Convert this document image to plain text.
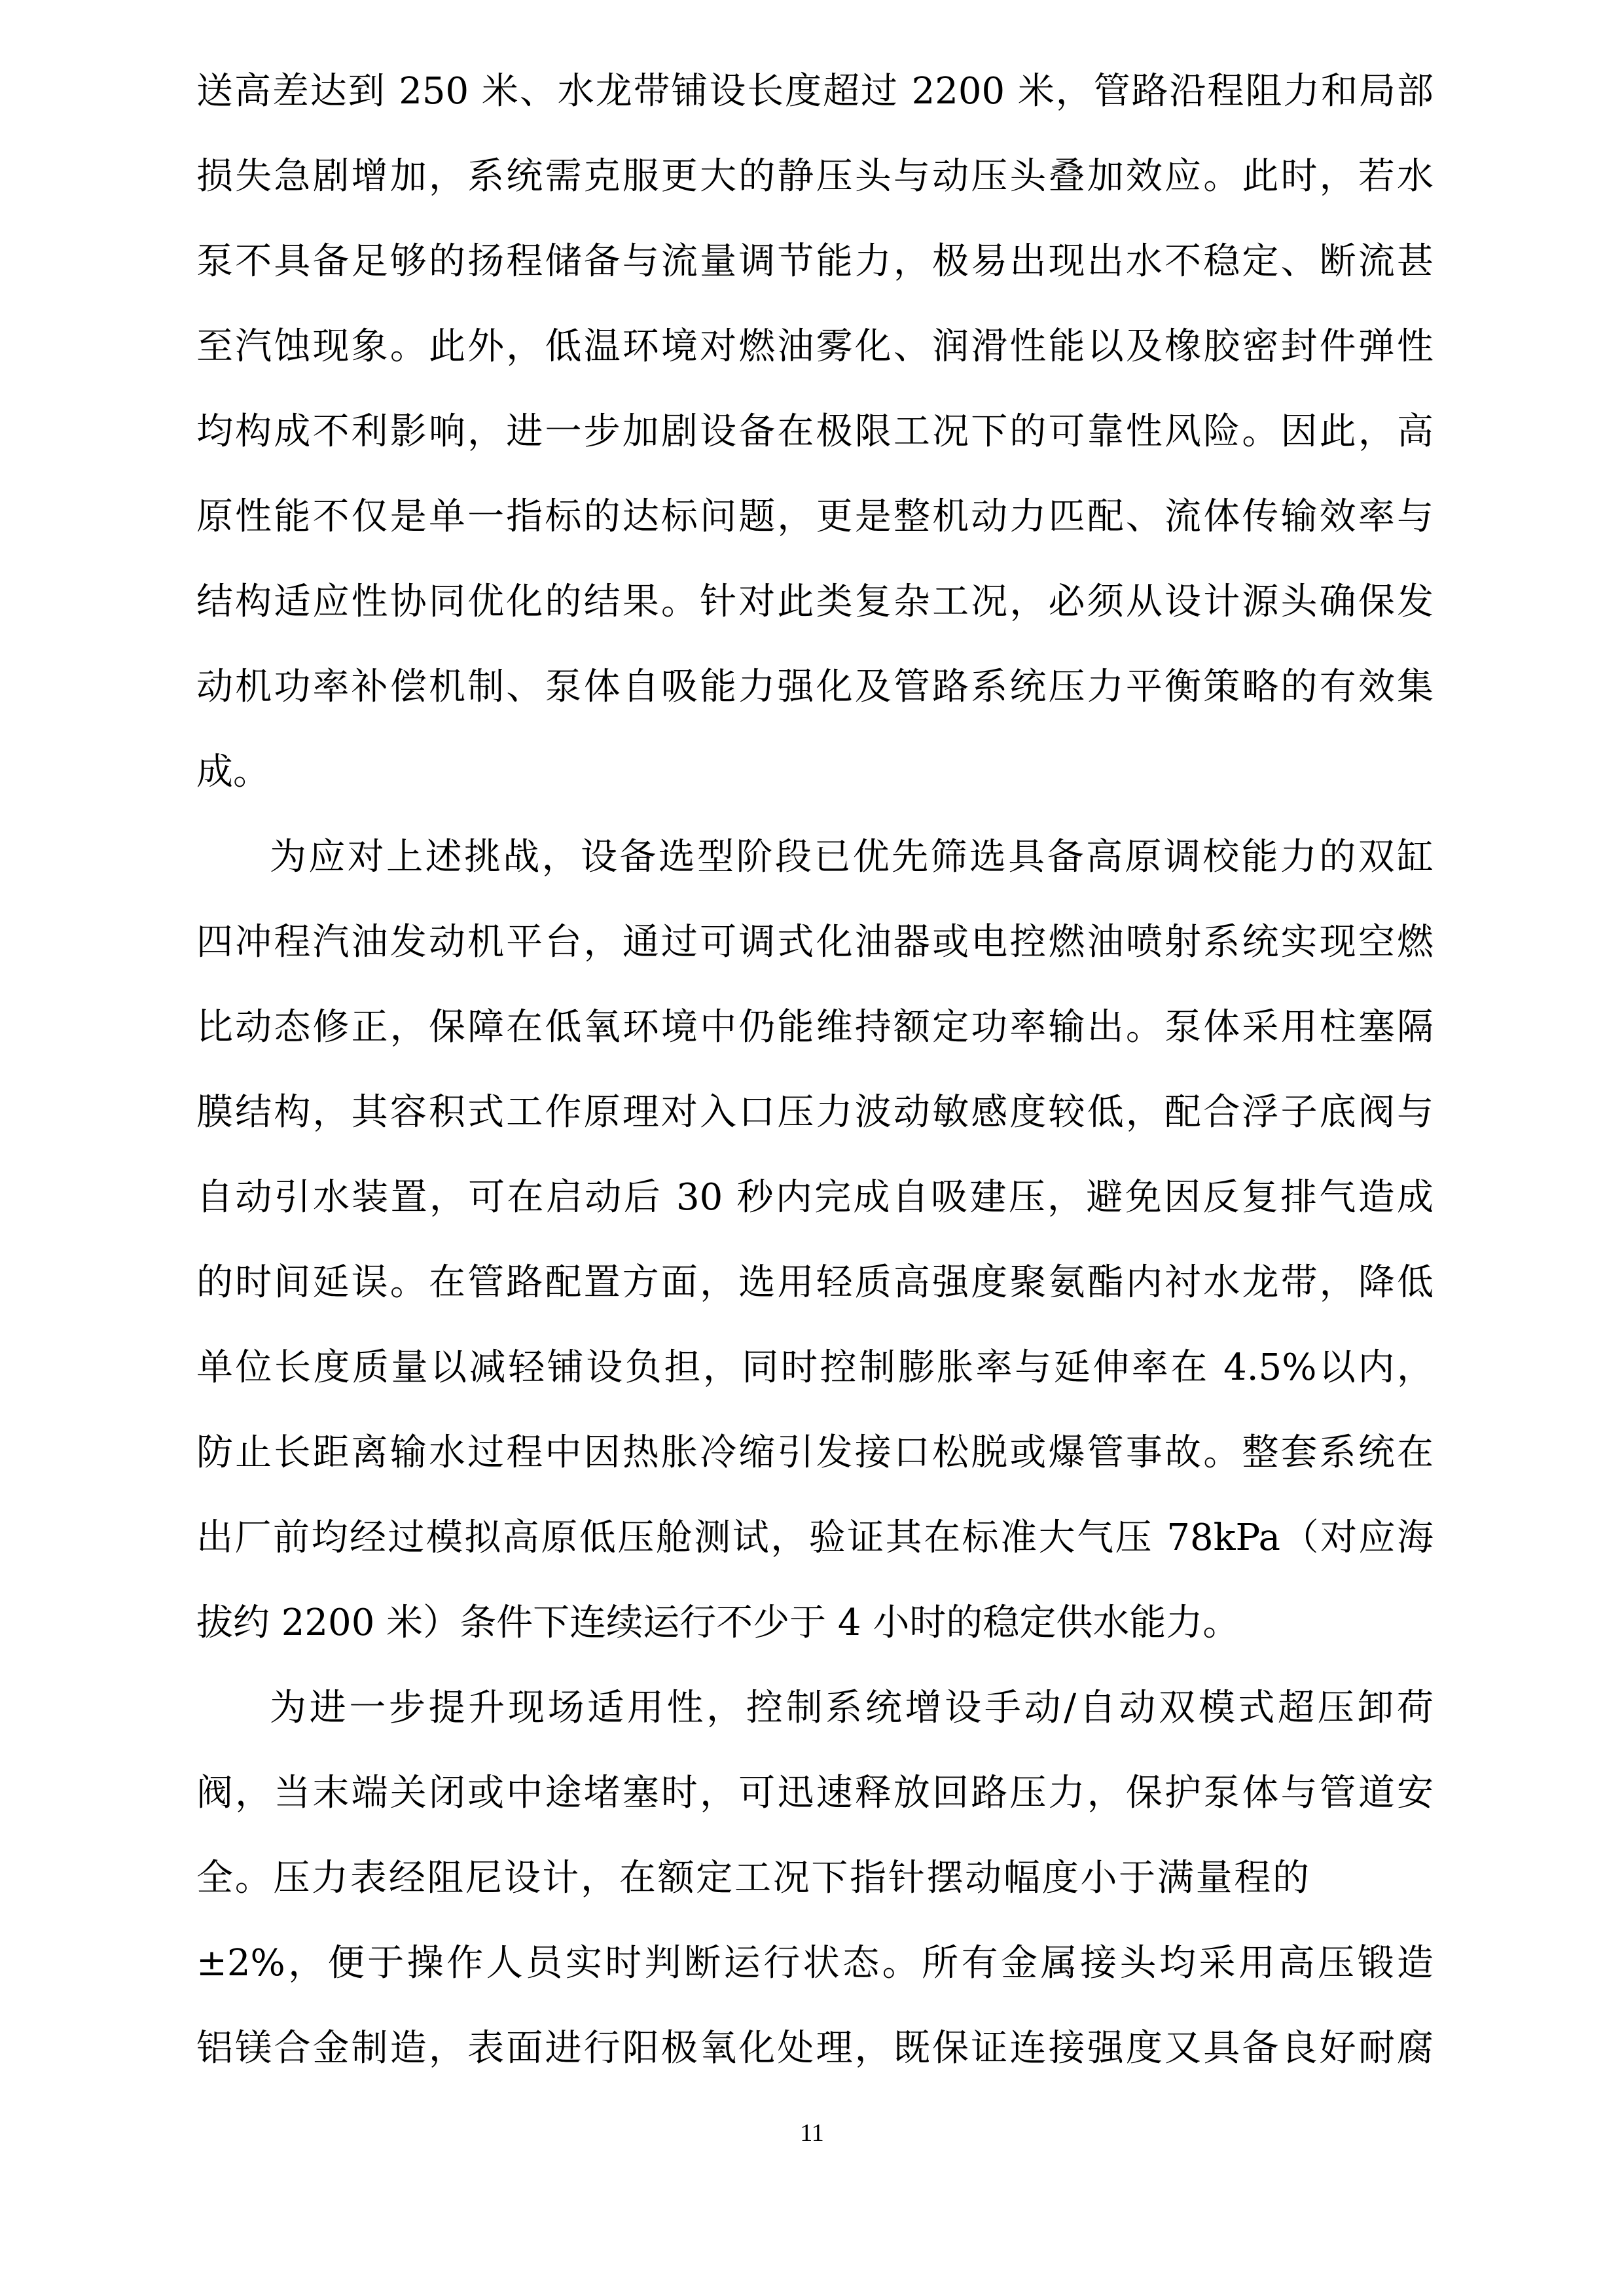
送高差达到 250 米、水龙带铺设长度超过 2200 米，管路沿程阻力和局部
损失急剧增加，系统需克服更大的静压头与动压头叠加效应。此时，若水
泵不具备足够的扬程储备与流量调节能力，极易出现出水不稳定、断流甚
至汽蚀现象。此外，低温环境对燃油雾化、润滑性能以及橡胶密封件弹性
均构成不利影响，进一步加剧设备在极限工况下的可靠性风险。因此，高
原性能不仅是单一指标的达标问题，更是整机动力匹配、流体传输效率与
结构适应性协同优化的结果。针对此类复杂工况，必须从设计源头确保发
动机功率补偿机制、泵体自吸能力强化及管路系统压力平衡策略的有效集
成。
为应对上述挑战，设备选型阶段已优先筛选具备高原调校能力的双缸
四冲程汽油发动机平台，通过可调式化油器或电控燃油喷射系统实现空燃
比动态修正，保障在低氧环境中仍能维持额定功率输出。泵体采用柱塞隔
膜结构，其容积式工作原理对入口压力波动敏感度较低，配合浮子底阀与
自动引水装置，可在启动后 30 秒内完成自吸建压，避免因反复排气造成
的时间延误。在管路配置方面，选用轻质高强度聚氨酯内衬水龙带，降低
单位长度质量以减轻铺设负担，同时控制膨胀率与延伸率在 4.5%以内，
防止长距离输水过程中因热胀冷缩引发接口松脱或爆管事故。整套系统在
出厂前均经过模拟高原低压舱测试，验证其在标准大气压 78kPa（对应海
拔约 2200 米）条件下连续运行不少于 4 小时的稳定供水能力。
为进一步提升现场适用性，控制系统增设手动/自动双模式超压卸荷
阀，当末端关闭或中途堵塞时，可迅速释放回路压力，保护泵体与管道安
全。压力表经阻尼设计，在额定工况下指针摆动幅度小于满量程的
±2%，便于操作人员实时判断运行状态。所有金属接头均采用高压锻造
铝镁合金制造，表面进行阳极氧化处理，既保证连接强度又具备良好耐腐
11
